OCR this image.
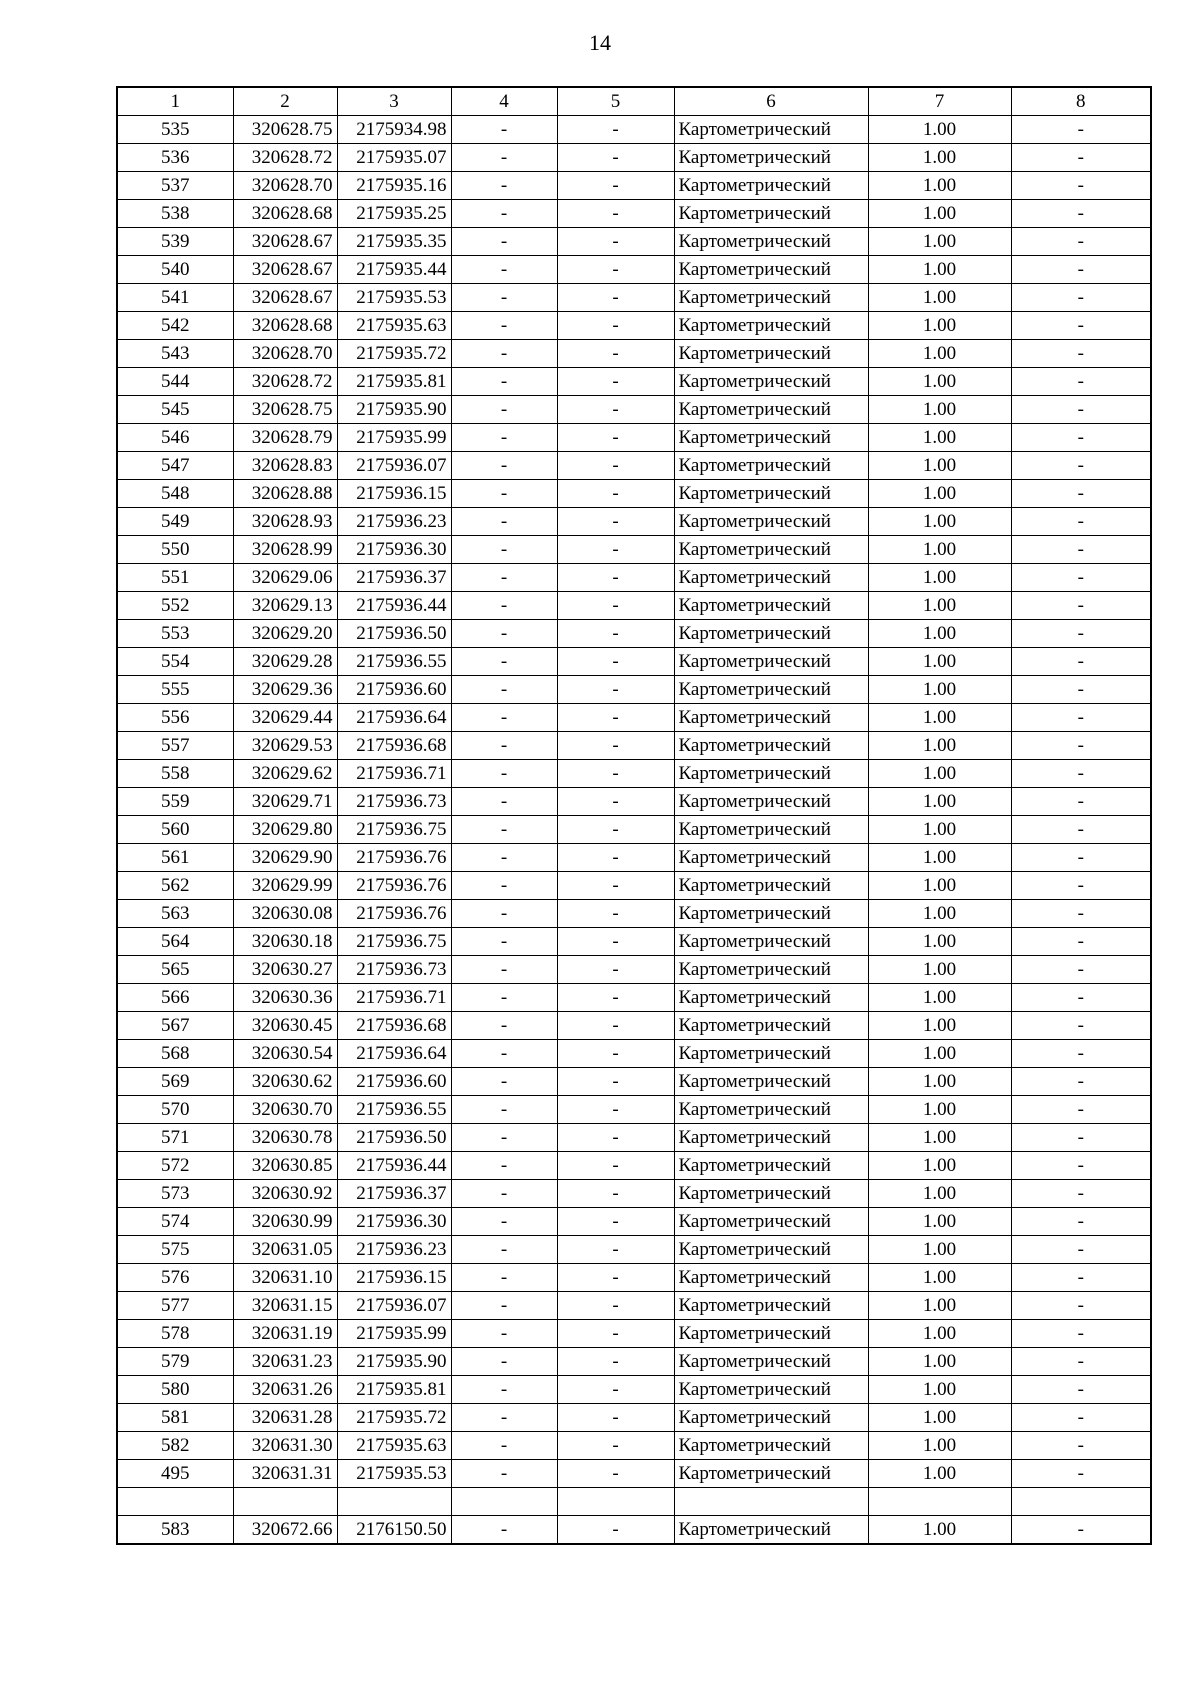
14
1	2	3	4	5	6	7	8
535	320628.75	2175934.98	-	-	Картометрический	1.00	-
536	320628.72	2175935.07	-	-	Картометрический	1.00	-
537	320628.70	2175935.16	-	-	Картометрический	1.00	-
538	320628.68	2175935.25	-	-	Картометрический	1.00	-
539	320628.67	2175935.35	-	-	Картометрический	1.00	-
540	320628.67	2175935.44	-	-	Картометрический	1.00	-
541	320628.67	2175935.53	-	-	Картометрический	1.00	-
542	320628.68	2175935.63	-	-	Картометрический	1.00	-
543	320628.70	2175935.72	-	-	Картометрический	1.00	-
544	320628.72	2175935.81	-	-	Картометрический	1.00	-
545	320628.75	2175935.90	-	-	Картометрический	1.00	-
546	320628.79	2175935.99	-	-	Картометрический	1.00	-
547	320628.83	2175936.07	-	-	Картометрический	1.00	-
548	320628.88	2175936.15	-	-	Картометрический	1.00	-
549	320628.93	2175936.23	-	-	Картометрический	1.00	-
550	320628.99	2175936.30	-	-	Картометрический	1.00	-
551	320629.06	2175936.37	-	-	Картометрический	1.00	-
552	320629.13	2175936.44	-	-	Картометрический	1.00	-
553	320629.20	2175936.50	-	-	Картометрический	1.00	-
554	320629.28	2175936.55	-	-	Картометрический	1.00	-
555	320629.36	2175936.60	-	-	Картометрический	1.00	-
556	320629.44	2175936.64	-	-	Картометрический	1.00	-
557	320629.53	2175936.68	-	-	Картометрический	1.00	-
558	320629.62	2175936.71	-	-	Картометрический	1.00	-
559	320629.71	2175936.73	-	-	Картометрический	1.00	-
560	320629.80	2175936.75	-	-	Картометрический	1.00	-
561	320629.90	2175936.76	-	-	Картометрический	1.00	-
562	320629.99	2175936.76	-	-	Картометрический	1.00	-
563	320630.08	2175936.76	-	-	Картометрический	1.00	-
564	320630.18	2175936.75	-	-	Картометрический	1.00	-
565	320630.27	2175936.73	-	-	Картометрический	1.00	-
566	320630.36	2175936.71	-	-	Картометрический	1.00	-
567	320630.45	2175936.68	-	-	Картометрический	1.00	-
568	320630.54	2175936.64	-	-	Картометрический	1.00	-
569	320630.62	2175936.60	-	-	Картометрический	1.00	-
570	320630.70	2175936.55	-	-	Картометрический	1.00	-
571	320630.78	2175936.50	-	-	Картометрический	1.00	-
572	320630.85	2175936.44	-	-	Картометрический	1.00	-
573	320630.92	2175936.37	-	-	Картометрический	1.00	-
574	320630.99	2175936.30	-	-	Картометрический	1.00	-
575	320631.05	2175936.23	-	-	Картометрический	1.00	-
576	320631.10	2175936.15	-	-	Картометрический	1.00	-
577	320631.15	2175936.07	-	-	Картометрический	1.00	-
578	320631.19	2175935.99	-	-	Картометрический	1.00	-
579	320631.23	2175935.90	-	-	Картометрический	1.00	-
580	320631.26	2175935.81	-	-	Картометрический	1.00	-
581	320631.28	2175935.72	-	-	Картометрический	1.00	-
582	320631.30	2175935.63	-	-	Картометрический	1.00	-
495	320631.31	2175935.53	-	-	Картометрический	1.00	-

583	320672.66	2176150.50	-	-	Картометрический	1.00	-
